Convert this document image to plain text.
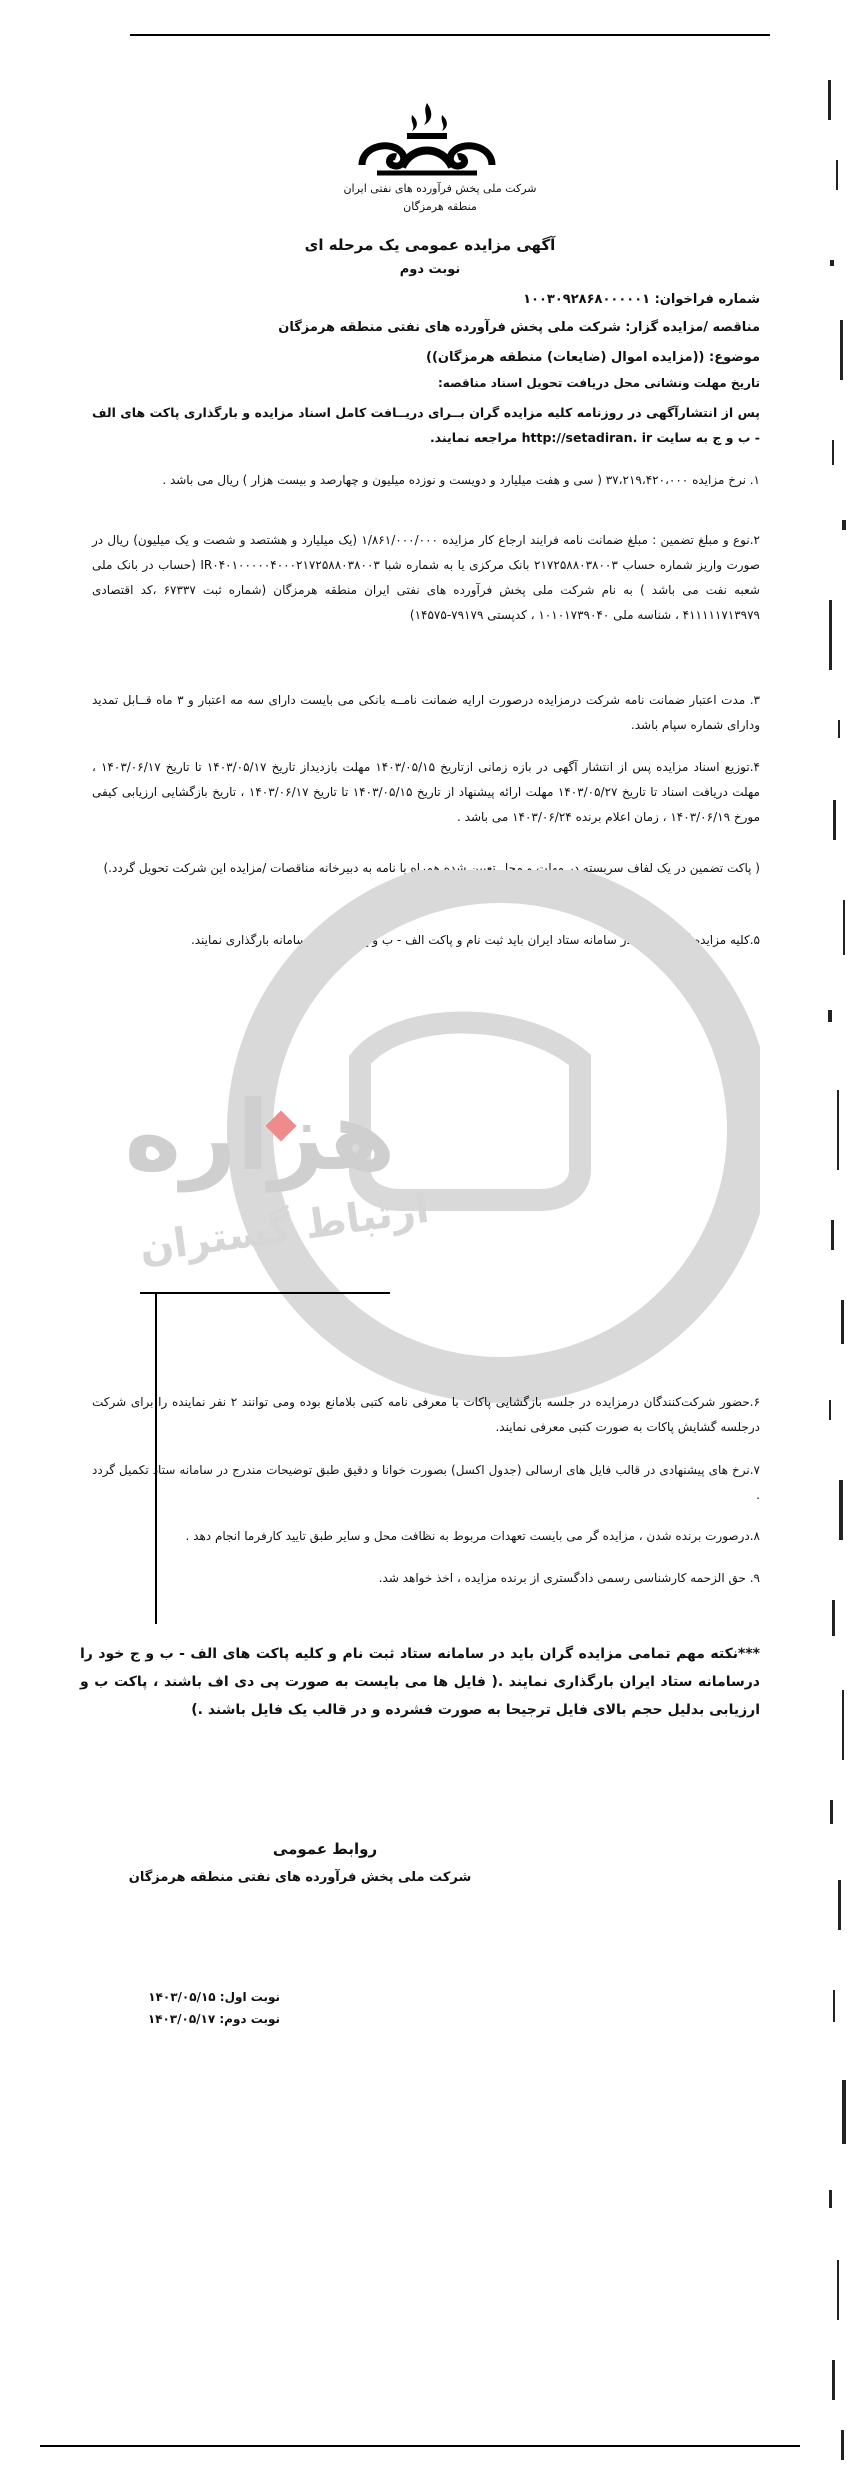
شرکت ملی پخش فرآورده های نفتی ایران
منطقه هرمزگان
آگهی مزایده عمومی یک مرحله ای
نوبت دوم
شماره فراخوان: ۱۰۰۳۰۹۲۸۶۸۰۰۰۰۰۱
مناقصه /مزایده گزار: شرکت ملی پخش فرآورده های نفتی منطقه هرمزگان
موضوع: ((مزایده اموال (ضایعات) منطقه هرمزگان))
تاریخ مهلت ونشانی محل دریافت تحویل اسناد مناقصه:
پس از انتشارآگهی در روزنامه کلیه مزایده گران بــرای دریــافت کامل اسناد مزایده و بارگذاری پاکت های الف - ب و ج به سایت http://setadiran. ir مراجعه نمایند.
۱. نرخ مزایده ۳۷،۲۱۹،۴۲۰،۰۰۰ ( سی و هفت میلیارد و دویست و نوزده میلیون و چهارصد و بیست هزار ) ریال می باشد .
۲.نوع و مبلغ تضمین : مبلغ ضمانت نامه فرایند ارجاع کار مزایده ۱/۸۶۱/۰۰۰/۰۰۰ (یک میلیارد و هشتصد و شصت و یک میلیون) ریال در صورت واریز شماره حساب ۲۱۷۲۵۸۸۰۳۸۰۰۳ بانک مرکزی یا به شماره شبا IR۰۴۰۱۰۰۰۰۰۴۰۰۰۲۱۷۲۵۸۸۰۳۸۰۰۳ (حساب در بانک ملی شعبه نفت می باشد ) به نام شرکت ملی پخش فرآورده های نفتی ایران منطقه هرمزگان (شماره ثبت ۶۷۳۳۷ ،کد اقتصادی ۴۱۱۱۱۱۷۱۳۹۷۹ ، شناسه ملی ۱۰۱۰۱۷۳۹۰۴۰ ، کدپستی ۷۹۱۷۹-۱۴۵۷۵)
۳. مدت اعتبار ضمانت نامه شرکت درمزایده درصورت ارایه ضمانت نامــه بانکی می بایست دارای سه مه اعتبار و ۳ ماه قــابل تمدید ودارای شماره سپام باشد.
۴.توزیع اسناد مزایده پس از انتشار آگهی در بازه زمانی ازتاریخ ۱۴۰۳/۰۵/۱۵ مهلت بازدیداز تاریخ ۱۴۰۳/۰۵/۱۷ تا تاریخ ۱۴۰۳/۰۶/۱۷ ، مهلت دریافت اسناد تا تاریخ ۱۴۰۳/۰۵/۲۷ مهلت ارائه پیشنهاد از تاریخ ۱۴۰۳/۰۵/۱۵ تا تاریخ ۱۴۰۳/۰۶/۱۷ ، تاریخ بازگشایی ارزیابی کیفی مورخ ۱۴۰۳/۰۶/۱۹ ، زمان اعلام برنده ۱۴۰۳/۰۶/۲۴ می باشد .
( پاکت تضمین در یک لفاف سربسته در مهلت و محل تعیین شده همراه با نامه به دبیرخانه مناقصات /مزایده این شرکت تحویل گردد.)
۵.کلیه مزایده گران صرفا در سامانه ستاد ایران باید ثبت نام و پاکت الف - ب و ج خـود را درسامانه بارگذاری نمایند.
هزاره
ارتباط گستران
۶.حضور شرکت‌کنندگان درمزایده در جلسه بازگشایی پاکات با معرفی نامه کتبی بلامانع بوده ومی توانند ۲ نفر نماینده را برای شرکت درجلسه گشایش پاکات به صورت کتبی معرفی نمایند.
۷.نرخ های پیشنهادی در قالب فایل های ارسالی (جدول اکسل) بصورت خوانا و دقیق طبق توضیحات مندرج در سامانه ستاد تکمیل گردد .
۸.درصورت برنده شدن ، مزایده گر می بایست تعهدات مربوط به نظافت محل و سایر طبق تایید کارفرما انجام دهد .
۹. حق الزحمه کارشناسی رسمی دادگستری از برنده مزایده ، اخذ خواهد شد.
***نکته مهم تمامی مزایده گران باید در سامانه ستاد ثبت نام و کلیه پاکت های الف - ب و ج خود را درسامانه ستاد ایران بارگذاری نمایند .( فایل ها می بایست به صورت پی دی اف باشند ، پاکت ب و ارزیابی بدلیل حجم بالای فایل ترجیحا به صورت فشرده و در قالب یک فایل باشند .)
روابط عمومی
شرکت ملی پخش فرآورده های نفتی منطقه هرمزگان
نوبت اول: ۱۴۰۳/۰۵/۱۵
نوبت دوم: ۱۴۰۳/۰۵/۱۷
